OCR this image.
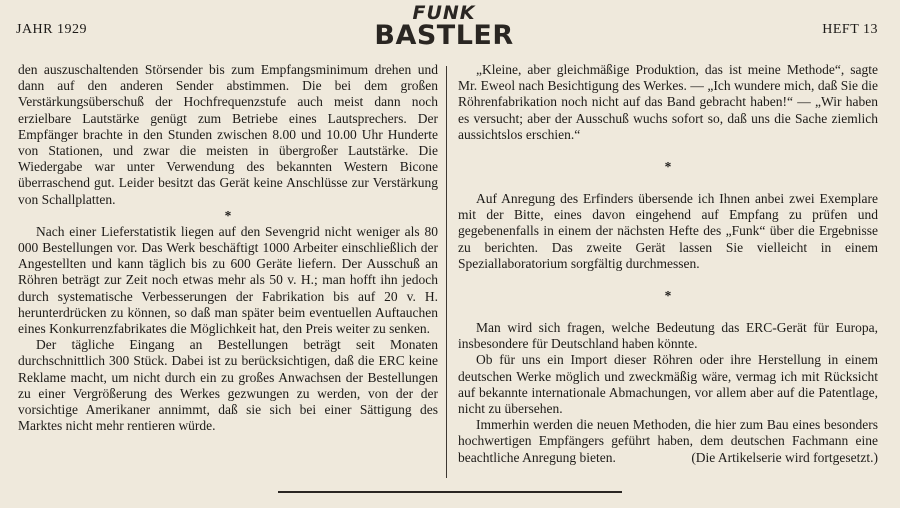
JAHR 1929
FUNK
BASTLER	HEFT 13

den auszuschaltenden Störsender bis zum Empfangsminimum drehen und dann auf den anderen Sender abstimmen. Die bei dem großen Verstärkungsüberschuß der Hochfrequenzstufe auch meist dann noch erzielbare Lautstärke genügt zum Betriebe eines Lautsprechers. Der Empfänger brachte in den Stunden zwischen 8.00 und 10.00 Uhr Hunderte von Stationen, und zwar die meisten in übergroßer Lautstärke. Die Wiedergabe war unter Verwendung des bekannten Western Bicone überraschend gut. Leider besitzt das Gerät keine Anschlüsse zur Verstärkung von Schallplatten.

*

Nach einer Lieferstatistik liegen auf den Sevengrid nicht weniger als 80 000 Bestellungen vor. Das Werk beschäftigt 1000 Arbeiter einschließlich der Angestellten und kann täglich bis zu 600 Geräte liefern. Der Ausschuß an Röhren beträgt zur Zeit noch etwas mehr als 50 v. H.; man hofft ihn jedoch durch systematische Verbesserungen der Fabrikation bis auf 20 v. H. herunterdrücken zu können, so daß man später beim eventuellen Auftauchen eines Konkurrenzfabrikates die Möglichkeit hat, den Preis weiter zu senken.

Der tägliche Eingang an Bestellungen beträgt seit Monaten durchschnittlich 300 Stück. Dabei ist zu berücksichtigen, daß die ERC keine Reklame macht, um nicht durch ein zu großes Anwachsen der Bestellungen zu einer Vergrößerung des Werkes gezwungen zu werden, von der der vorsichtige Amerikaner annimmt, daß sie sich bei einer Sättigung des Marktes nicht mehr rentieren würde.

„Kleine, aber gleichmäßige Produktion, das ist meine Methode“, sagte Mr. Eweol nach Besichtigung des Werkes. — „Ich wundere mich, daß Sie die Röhrenfabrikation noch nicht auf das Band gebracht haben!“ — „Wir haben es versucht; aber der Ausschuß wuchs sofort so, daß uns die Sache ziemlich aussichtslos erschien.“

*

Auf Anregung des Erfinders übersende ich Ihnen anbei zwei Exemplare mit der Bitte, eines davon eingehend auf Empfang zu prüfen und gegebenenfalls in einem der nächsten Hefte des „Funk“ über die Ergebnisse zu berichten. Das zweite Gerät lassen Sie vielleicht in einem Speziallaboratorium sorgfältig durchmessen.

*

Man wird sich fragen, welche Bedeutung das ERC-Gerät für Europa, insbesondere für Deutschland haben könnte.

Ob für uns ein Import dieser Röhren oder ihre Herstellung in einem deutschen Werke möglich und zweckmäßig wäre, vermag ich mit Rücksicht auf bekannte internationale Abmachungen, vor allem aber auf die Patentlage, nicht zu übersehen.

Immerhin werden die neuen Methoden, die hier zum Bau eines besonders hochwertigen Empfängers geführt haben, dem deutschen Fachmann eine beachtliche Anregung bieten.	(Die Artikelserie wird fortgesetzt.)
